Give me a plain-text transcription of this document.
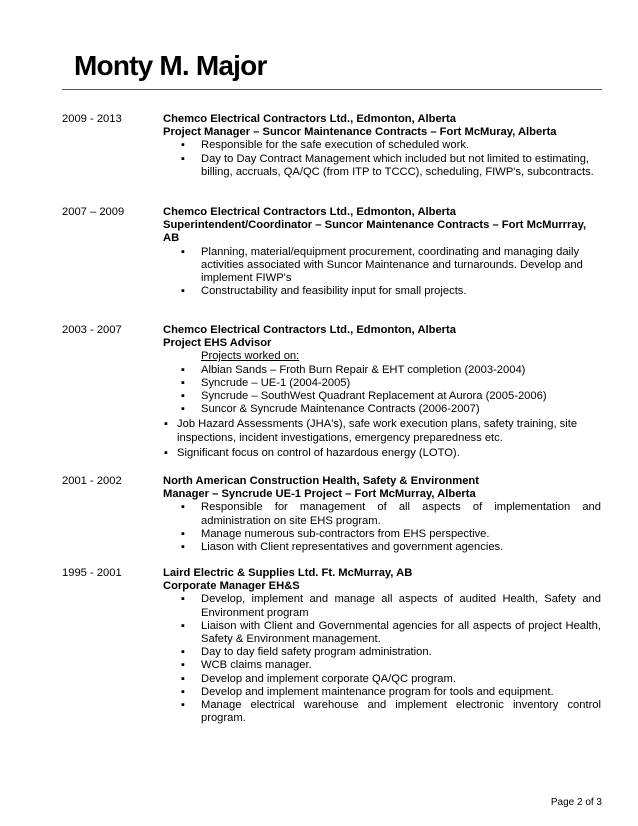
Monty M. Major
2009 - 2013	Chemco Electrical Contractors Ltd., Edmonton, Alberta
Project Manager – Suncor Maintenance Contracts – Fort McMuray, Alberta
▪ Responsible for the safe execution of scheduled work.
▪ Day to Day Contract Management which included but not limited to estimating, billing, accruals, QA/QC (from ITP to TCCC), scheduling, FIWP's, subcontracts.
2007 – 2009	Chemco Electrical Contractors Ltd., Edmonton, Alberta
Superintendent/Coordinator – Suncor Maintenance Contracts – Fort McMurrray, AB
▪ Planning, material/equipment procurement, coordinating and managing daily activities associated with Suncor Maintenance and turnarounds. Develop and implement FIWP's
▪ Constructability and feasibility input for small projects.
2003 - 2007	Chemco Electrical Contractors Ltd., Edmonton, Alberta
Project EHS Advisor
Projects worked on:
▪ Albian Sands – Froth Burn Repair & EHT completion (2003-2004)
▪ Syncrude – UE-1 (2004-2005)
▪ Syncrude – SouthWest Quadrant Replacement at Aurora (2005-2006)
▪ Suncor & Syncrude Maintenance Contracts (2006-2007)
▪ Job Hazard Assessments (JHA's), safe work execution plans, safety training, site inspections, incident investigations, emergency preparedness etc.
▪ Significant focus on control of hazardous energy (LOTO).
2001 - 2002	North American Construction Health, Safety & Environment
Manager – Syncrude UE-1 Project – Fort McMurray, Alberta
▪ Responsible for management of all aspects of implementation and administration on site EHS program.
▪ Manage numerous sub-contractors from EHS perspective.
▪ Liason with Client representatives and government agencies.
1995 - 2001	Laird Electric & Supplies Ltd. Ft. McMurray, AB
Corporate Manager EH&S
▪ Develop, implement and manage all aspects of audited Health, Safety and Environment program
▪ Liaison with Client and Governmental agencies for all aspects of project Health, Safety & Environment management.
▪ Day to day field safety program administration.
▪ WCB claims manager.
▪ Develop and implement corporate QA/QC program.
▪ Develop and implement maintenance program for tools and equipment.
▪ Manage electrical warehouse and implement electronic inventory control program.
Page 2 of 3
